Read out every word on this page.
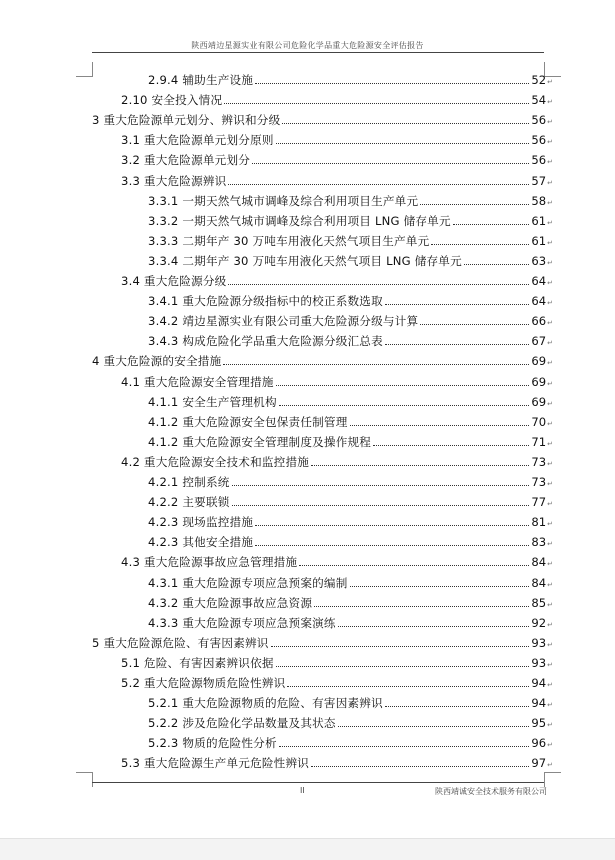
陕西靖边星源实业有限公司危险化学品重大危险源安全评估报告
2.9.4 辅助生产设施	52 ↵
2.10 安全投入情况	54 ↵
3 重大危险源单元划分、辨识和分级	56 ↵
3.1 重大危险源单元划分原则	56 ↵
3.2 重大危险源单元划分	56 ↵
3.3 重大危险源辨识	57 ↵
3.3.1 一期天然气城市调峰及综合利用项目生产单元	58 ↵
3.3.2 一期天然气城市调峰及综合利用项目 LNG 储存单元	61 ↵
3.3.3 二期年产 30 万吨车用液化天然气项目生产单元	61 ↵
3.3.4 二期年产 30 万吨车用液化天然气项目 LNG 储存单元	63 ↵
3.4 重大危险源分级	64 ↵
3.4.1 重大危险源分级指标中的校正系数选取	64 ↵
3.4.2 靖边星源实业有限公司重大危险源分级与计算	66 ↵
3.4.3 构成危险化学品重大危险源分级汇总表	67 ↵
4 重大危险源的安全措施	69 ↵
4.1 重大危险源安全管理措施	69 ↵
4.1.1 安全生产管理机构	69 ↵
4.1.2 重大危险源安全包保责任制管理	70 ↵
4.1.2 重大危险源安全管理制度及操作规程	71 ↵
4.2 重大危险源安全技术和监控措施	73 ↵
4.2.1 控制系统	73 ↵
4.2.2 主要联锁	77 ↵
4.2.3 现场监控措施	81 ↵
4.2.3 其他安全措施	83 ↵
4.3 重大危险源事故应急管理措施	84 ↵
4.3.1 重大危险源专项应急预案的编制	84 ↵
4.3.2 重大危险源事故应急资源	85 ↵
4.3.3 重大危险源专项应急预案演练	92 ↵
5 重大危险源危险、有害因素辨识	93 ↵
5.1 危险、有害因素辨识依据	93 ↵
5.2 重大危险源物质危险性辨识	94 ↵
5.2.1 重大危险源物质的危险、有害因素辨识	94 ↵
5.2.2 涉及危险化学品数量及其状态	95 ↵
5.2.3 物质的危险性分析	96 ↵
5.3 重大危险源生产单元危险性辨识	97 ↵
II	陕西靖诚安全技术服务有限公司
